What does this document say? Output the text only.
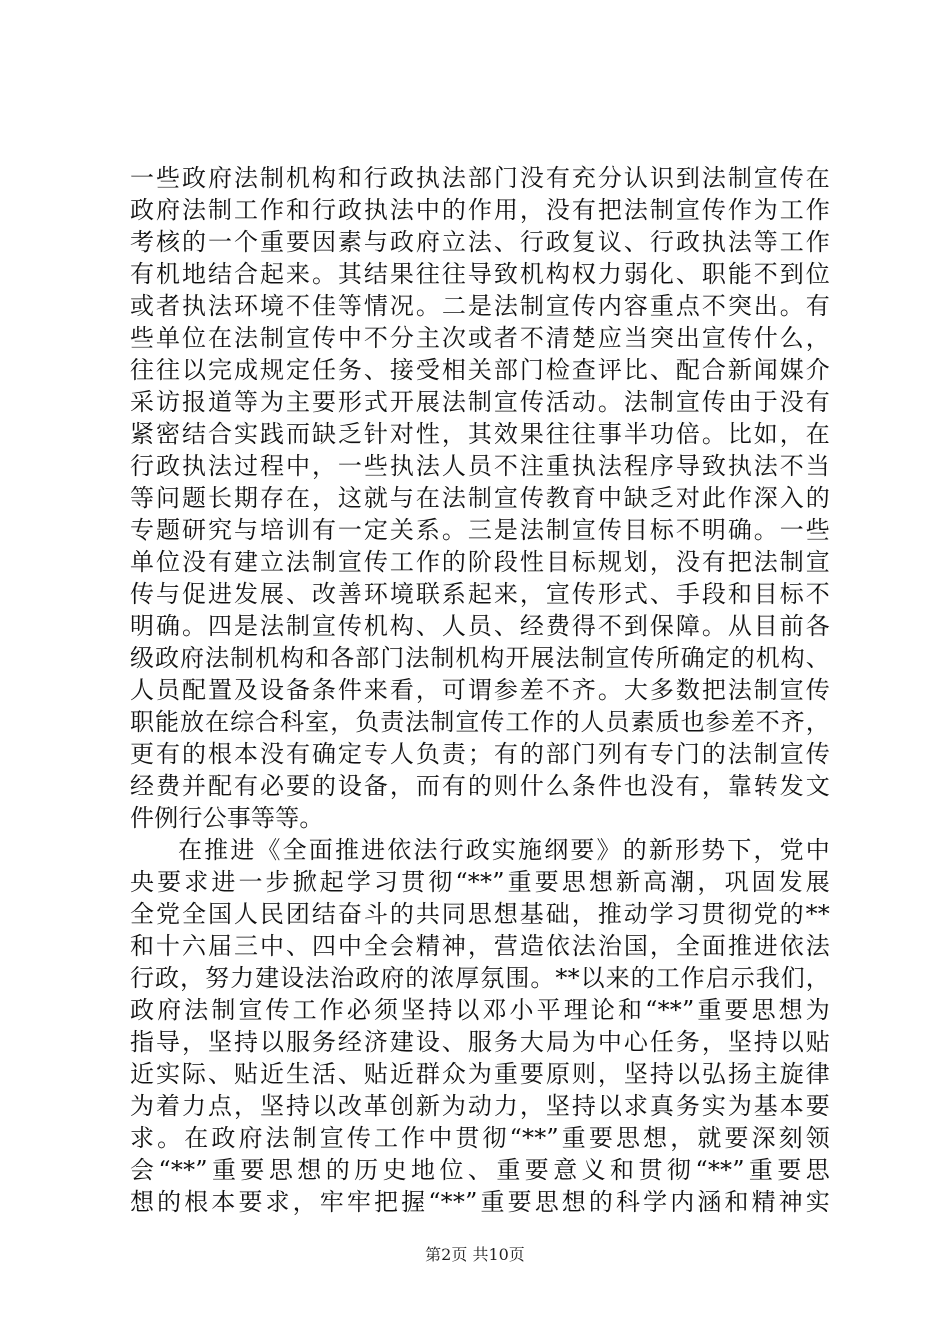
一些政府法制机构和行政执法部门没有充分认识到法制宣传在
政府法制工作和行政执法中的作用，没有把法制宣传作为工作
考核的一个重要因素与政府立法、行政复议、行政执法等工作
有机地结合起来。其结果往往导致机构权力弱化、职能不到位
或者执法环境不佳等情况。二是法制宣传内容重点不突出。有
些单位在法制宣传中不分主次或者不清楚应当突出宣传什么，
往往以完成规定任务、接受相关部门检查评比、配合新闻媒介
采访报道等为主要形式开展法制宣传活动。法制宣传由于没有
紧密结合实践而缺乏针对性，其效果往往事半功倍。比如，在
行政执法过程中，一些执法人员不注重执法程序导致执法不当
等问题长期存在，这就与在法制宣传教育中缺乏对此作深入的
专题研究与培训有一定关系。三是法制宣传目标不明确。一些
单位没有建立法制宣传工作的阶段性目标规划，没有把法制宣
传与促进发展、改善环境联系起来，宣传形式、手段和目标不
明确。四是法制宣传机构、人员、经费得不到保障。从目前各
级政府法制机构和各部门法制机构开展法制宣传所确定的机构、
人员配置及设备条件来看，可谓参差不齐。大多数把法制宣传
职能放在综合科室，负责法制宣传工作的人员素质也参差不齐，
更有的根本没有确定专人负责；有的部门列有专门的法制宣传
经费并配有必要的设备，而有的则什么条件也没有，靠转发文
件例行公事等等。
在推进《全面推进依法行政实施纲要》的新形势下，党中
央要求进一步掀起学习贯彻“**”重要思想新高潮，巩固发展
全党全国人民团结奋斗的共同思想基础，推动学习贯彻党的**
和十六届三中、四中全会精神，营造依法治国，全面推进依法
行政，努力建设法治政府的浓厚氛围。**以来的工作启示我们，
政府法制宣传工作必须坚持以邓小平理论和“**”重要思想为
指导，坚持以服务经济建设、服务大局为中心任务，坚持以贴
近实际、贴近生活、贴近群众为重要原则，坚持以弘扬主旋律
为着力点，坚持以改革创新为动力，坚持以求真务实为基本要
求。在政府法制宣传工作中贯彻“**”重要思想，就要深刻领
会“**”重要思想的历史地位、重要意义和贯彻“**”重要思
想的根本要求，牢牢把握“**”重要思想的科学内涵和精神实
第2页 共10页
